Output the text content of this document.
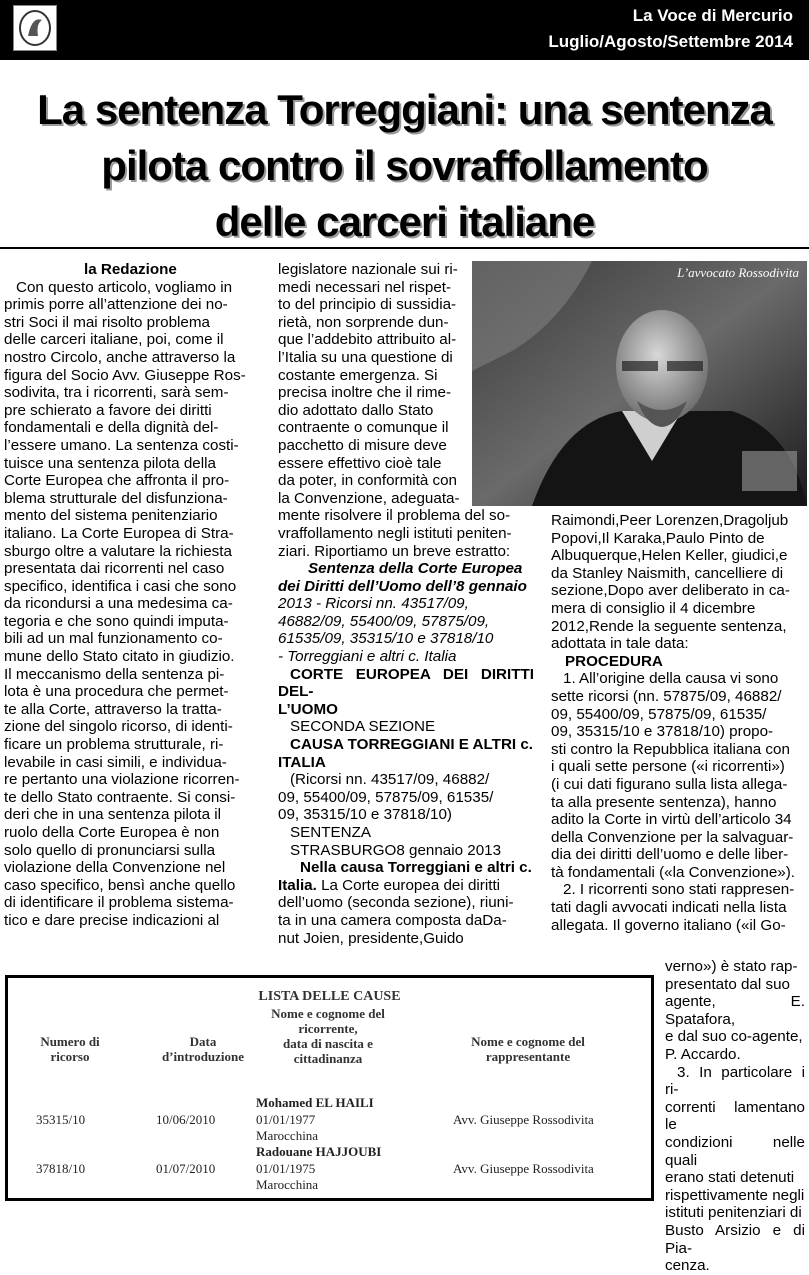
La Voce di Mercurio
Luglio/Agosto/Settembre 2014
La sentenza Torreggiani: una sentenza
pilota contro il sovraffollamento
delle carceri italiane

la Redazione

Con questo articolo, vogliamo in

primis porre all’attenzione dei no-

stri Soci il mai risolto problema

delle carceri italiane, poi, come il

nostro Circolo, anche attraverso la

figura del Socio Avv. Giuseppe Ros-

sodivita, tra i ricorrenti, sarà sem-

pre schierato a favore dei diritti

fondamentali e della dignità del-

l’essere umano. La sentenza costi-

tuisce una sentenza pilota della

Corte Europea che affronta il pro-

blema strutturale del disfunziona-

mento del sistema penitenziario

italiano. La Corte Europea di Stra-

sburgo oltre a valutare la richiesta

presentata dai ricorrenti nel caso

specifico, identifica i casi che sono

da ricondursi a una medesima ca-

tegoria e che sono quindi imputa-

bili ad un mal funzionamento co-

mune dello Stato citato in giudizio.

Il meccanismo della sentenza pi-

lota è una procedura che permet-

te alla Corte, attraverso la tratta-

zione del singolo ricorso, di identi-

ficare un problema strutturale, ri-

levabile in casi simili, e individua-

re pertanto una violazione ricorren-

te dello Stato contraente. Si consi-

deri che in una sentenza pilota il

ruolo della Corte Europea è non

solo quello di pronunciarsi sulla

violazione della Convenzione nel

caso specifico, bensì anche quello

di identificare il problema sistema-

tico e dare precise indicazioni al

L’avvocato Rossodivita

legislatore nazionale sui ri-

medi necessari nel rispet-

to del principio di sussidia-

rietà, non sorprende dun-

que l’addebito attribuito al-

l’Italia su una questione di

costante emergenza. Si

precisa inoltre che il rime-

dio adottato dallo Stato

contraente o comunque il

pacchetto di misure deve

essere effettivo cioè tale

da poter, in conformità con

la Convenzione, adeguata-

mente risolvere il problema del so-

vraffollamento negli istituti peniten-

ziari. Riportiamo un breve estratto:

Sentenza della Corte Europea

dei Diritti dell’Uomo dell’8 gennaio

2013 - Ricorsi nn. 43517/09,

46882/09, 55400/09, 57875/09,

61535/09, 35315/10 e 37818/10

- Torreggiani e altri c. Italia

CORTE EUROPEA DEI DIRITTI DEL-

L’UOMO

SECONDA SEZIONE

CAUSA TORREGGIANI E ALTRI c.

ITALIA

(Ricorsi nn. 43517/09, 46882/

09, 55400/09, 57875/09, 61535/

09, 35315/10 e 37818/10)

SENTENZA

STRASBURGO8 gennaio 2013

Nella causa Torreggiani e altri c.

Italia. La Corte europea dei diritti

dell’uomo (seconda sezione), riuni-

ta in una camera composta daDa-

nut Joien, presidente,Guido

Raimondi,Peer Lorenzen,Dragoljub

Popovi,Il Karaka,Paulo Pinto de

Albuquerque,Helen Keller, giudici,e

da Stanley Naismith, cancelliere di

sezione,Dopo aver deliberato in ca-

mera di consiglio il 4 dicembre

2012,Rende la seguente sentenza,

adottata in tale data:

PROCEDURA

1. All’origine della causa vi sono

sette ricorsi (nn. 57875/09, 46882/

09, 55400/09, 57875/09, 61535/

09, 35315/10 e 37818/10) propo-

sti contro la Repubblica italiana con

i quali sette persone («i ricorrenti»)

(i cui dati figurano sulla lista allega-

ta alla presente sentenza), hanno

adito la Corte in virtù dell’articolo 34

della Convenzione per la salvaguar-

dia dei diritti dell’uomo e delle liber-

tà fondamentali («la Convenzione»).

2. I ricorrenti sono stati rappresen-

tati dagli avvocati indicati nella lista

allegata. Il governo italiano («il Go-

verno») è stato rap-

presentato dal suo

agente, E. Spatafora,

e dal suo co-agente,

P. Accardo.

3. In particolare i ri-

correnti lamentano le

condizioni nelle quali

erano stati detenuti

rispettivamente negli

istituti penitenziari di

Busto Arsizio e di Pia-

cenza.

LISTA DELLE CAUSE
Numero di
ricorso
Data
d’introduzione
Nome e cognome del
ricorrente,
data di nascita e
cittadinanza
Nome e cognome del
rappresentante
35315/10	10/06/2010
Mohamed EL HAILI
01/01/1977
Marocchina
Avv. Giuseppe Rossodivita
37818/10	01/07/2010
Radouane HAJJOUBI
01/01/1975
Marocchina
Avv. Giuseppe Rossodivita
